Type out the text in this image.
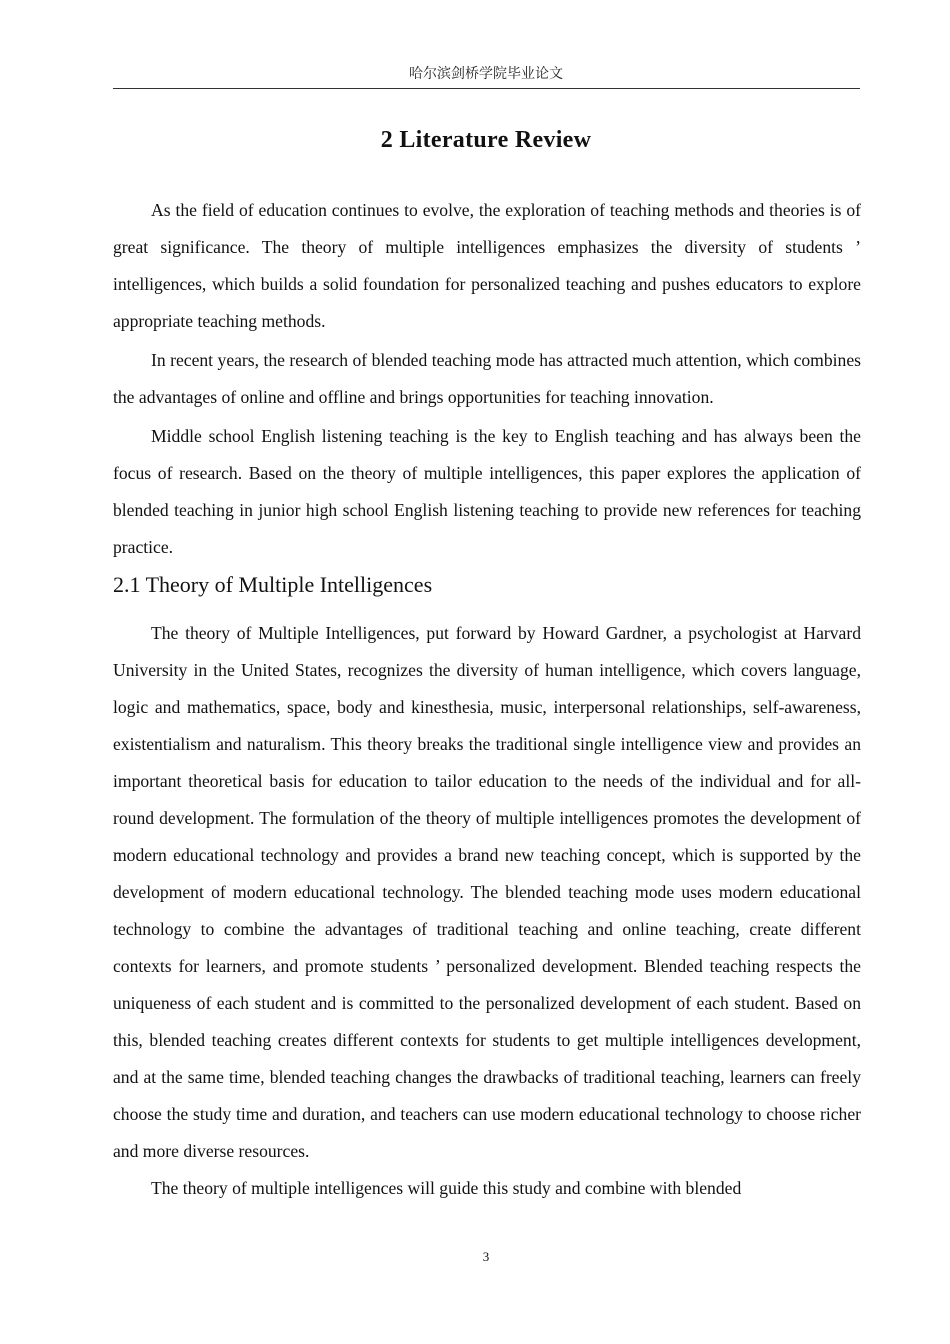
哈尔滨剑桥学院毕业论文
2 Literature Review

As the field of education continues to evolve, the exploration of teaching methods and theories is of great significance. The theory of multiple intelligences emphasizes the diversity of students ’ intelligences, which builds a solid foundation for personalized teaching and pushes educators to explore appropriate teaching methods.

In recent years, the research of blended teaching mode has attracted much attention, which combines the advantages of online and offline and brings opportunities for teaching innovation.

Middle school English listening teaching is the key to English teaching and has always been the focus of research. Based on the theory of multiple intelligences, this paper explores the application of blended teaching in junior high school English listening teaching to provide new references for teaching practice.

2.1 Theory of Multiple Intelligences

The theory of Multiple Intelligences, put forward by Howard Gardner, a psychologist at Harvard University in the United States, recognizes the diversity of human intelligence, which covers language, logic and mathematics, space, body and kinesthesia, music, interpersonal relationships, self-awareness, existentialism and naturalism. This theory breaks the traditional single intelligence view and provides an important theoretical basis for education to tailor education to the needs of the individual and for all-round development. The formulation of the theory of multiple intelligences promotes the development of modern educational technology and provides a brand new teaching concept, which is supported by the development of modern educational technology. The blended teaching mode uses modern educational technology to combine the advantages of traditional teaching and online teaching, create different contexts for learners, and promote students ’ personalized development. Blended teaching respects the uniqueness of each student and is committed to the personalized development of each student. Based on this, blended teaching creates different contexts for students to get multiple intelligences development, and at the same time, blended teaching changes the drawbacks of traditional teaching, learners can freely choose the study time and duration, and teachers can use modern educational technology to choose richer and more diverse resources.

The theory of multiple intelligences will guide this study and combine with blended

3
